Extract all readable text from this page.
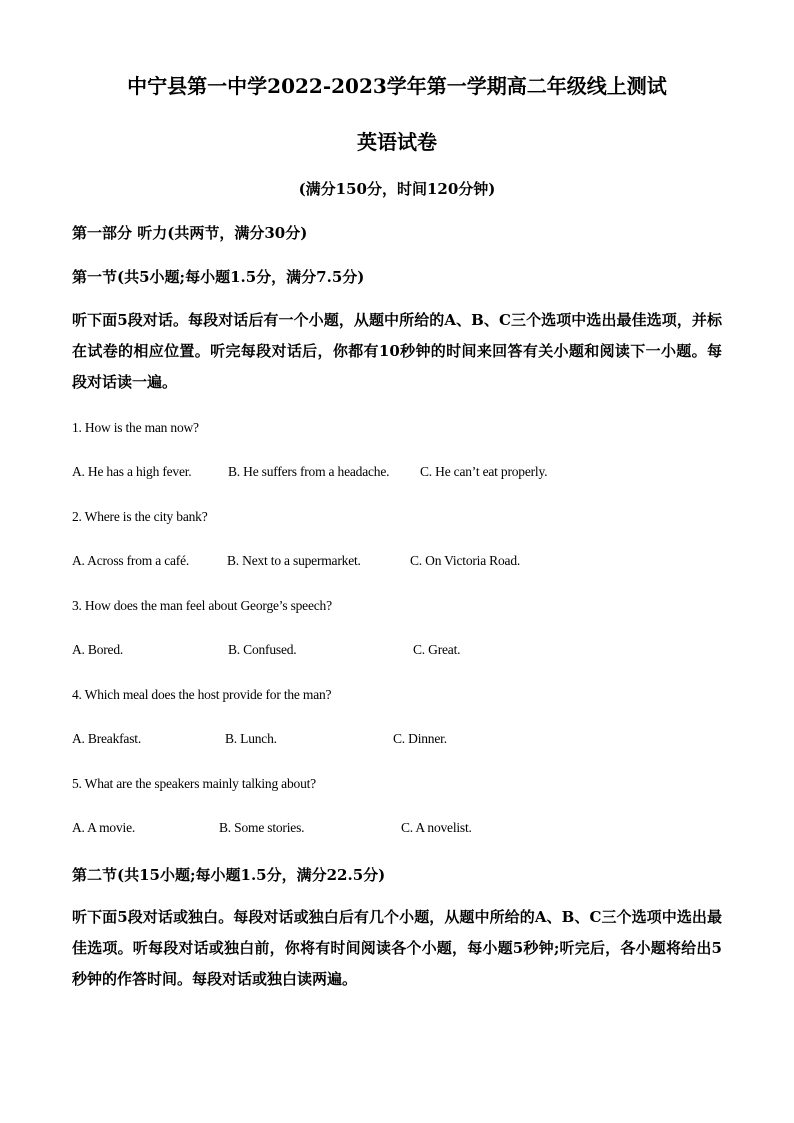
中宁县第一中学2022-2023学年第一学期高二年级线上测试
英语试卷
(满分150分，时间120分钟)
第一部分 听力(共两节，满分30分)
第一节(共5小题;每小题1.5分，满分7.5分)
听下面5段对话。每段对话后有一个小题，从题中所给的A、B、C三个选项中选出最佳选项，并标在试卷的相应位置。听完每段对话后，你都有10秒钟的时间来回答有关小题和阅读下一小题。每段对话读一遍。
1. How is the man now?
A. He has a high fever.	B. He suffers from a headache. C. He can’t eat properly.
2. Where is the city bank?
A. Across from a café.	B. Next to a supermarket.	C. On Victoria Road.
3. How does the man feel about George’s speech?
A. Bored.	B. Confused.	C. Great.
4. Which meal does the host provide for the man?
A. Breakfast.	B. Lunch.	C. Dinner.
5. What are the speakers mainly talking about?
A. A movie.	B. Some stories.	C. A novelist.
第二节(共15小题;每小题1.5分，满分22.5分)
听下面5段对话或独白。每段对话或独白后有几个小题，从题中所给的A、B、C三个选项中选出最佳选项。听每段对话或独白前，你将有时间阅读各个小题，每小题5秒钟;听完后，各小题将给出5秒钟的作答时间。每段对话或独白读两遍。
